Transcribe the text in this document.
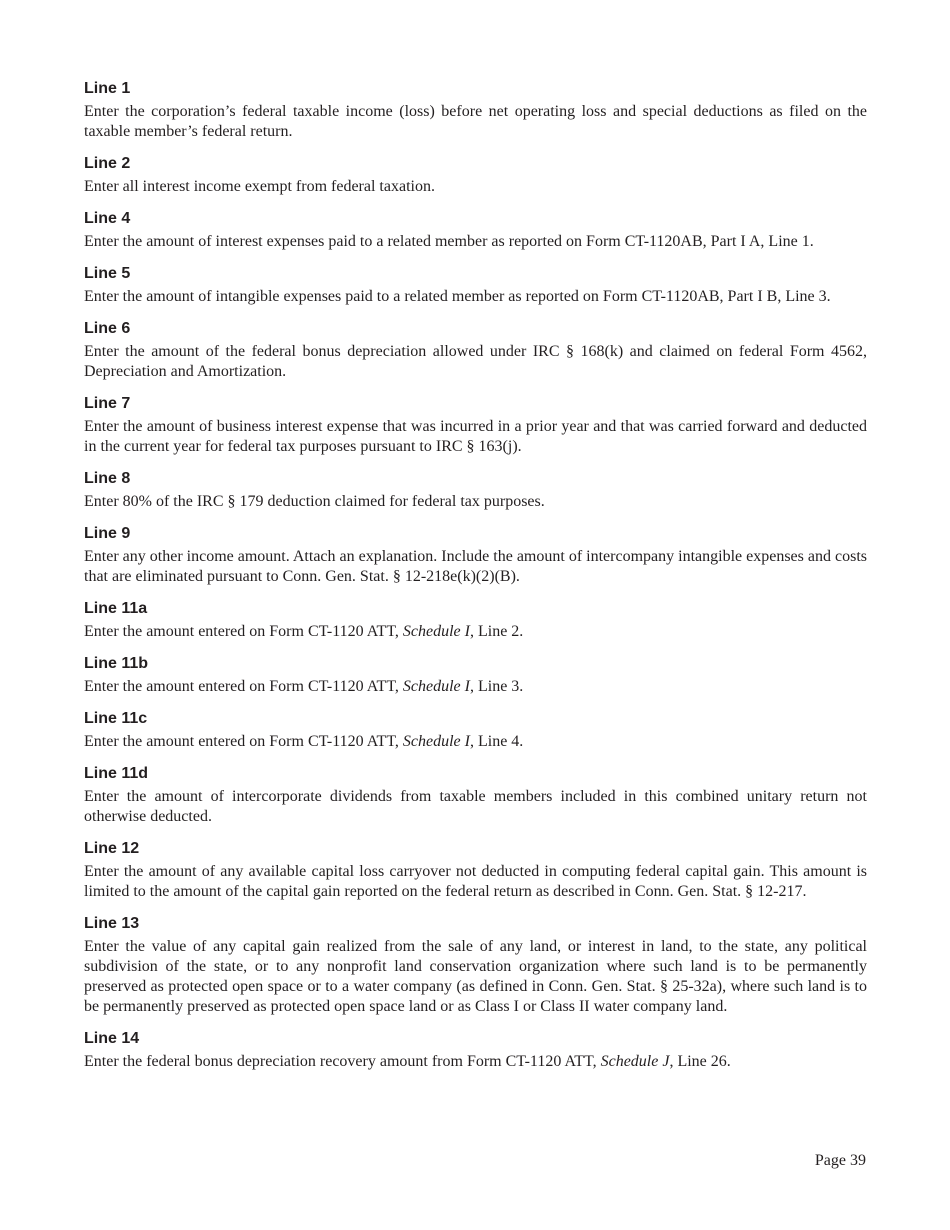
Line 1

Enter the corporation’s federal taxable income (loss) before net operating loss and special deductions as filed on the taxable member’s federal return.

Line 2

Enter all interest income exempt from federal taxation.

Line 4

Enter the amount of interest expenses paid to a related member as reported on Form CT-1120AB, Part I A, Line 1.

Line 5

Enter the amount of intangible expenses paid to a related member as reported on Form CT-1120AB, Part I B, Line 3.

Line 6

Enter the amount of the federal bonus depreciation allowed under IRC § 168(k) and claimed on federal Form 4562, Depreciation and Amortization.

Line 7

Enter the amount of business interest expense that was incurred in a prior year and that was carried forward and deducted in the current year for federal tax purposes pursuant to IRC § 163(j).

Line 8

Enter 80% of the IRC § 179 deduction claimed for federal tax purposes.

Line 9

Enter any other income amount. Attach an explanation. Include the amount of intercompany intangible expenses and costs that are eliminated pursuant to Conn. Gen. Stat. § 12-218e(k)(2)(B).

Line 11a

Enter the amount entered on Form CT-1120 ATT, Schedule I, Line 2.

Line 11b

Enter the amount entered on Form CT-1120 ATT, Schedule I, Line 3.

Line 11c

Enter the amount entered on Form CT-1120 ATT, Schedule I, Line 4.

Line 11d

Enter the amount of intercorporate dividends from taxable members included in this combined unitary return not otherwise deducted.

Line 12

Enter the amount of any available capital loss carryover not deducted in computing federal capital gain. This amount is limited to the amount of the capital gain reported on the federal return as described in Conn. Gen. Stat. § 12-217.

Line 13

Enter the value of any capital gain realized from the sale of any land, or interest in land, to the state, any political subdivision of the state, or to any nonprofit land conservation organization where such land is to be permanently preserved as protected open space or to a water company (as defined in Conn. Gen. Stat. § 25-32a), where such land is to be permanently preserved as protected open space land or as Class I or Class II water company land.

Line 14

Enter the federal bonus depreciation recovery amount from Form CT-1120 ATT, Schedule J, Line 26.

Page 39
